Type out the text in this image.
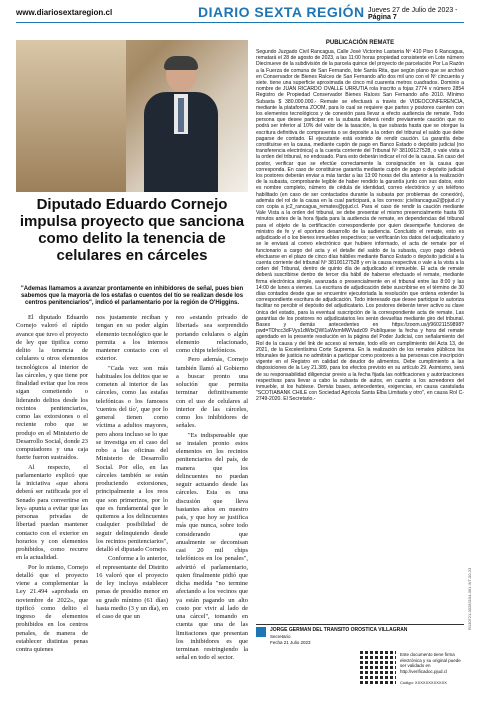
www.diariosextaregion.cl	DIARIO SEXTA REGIÓN Jueves 27 de Julio de 2023 - Página 7
Diputado Eduardo Cornejo impulsa proyecto que sanciona como delito la tenencia de celulares en cárceles
"Ademas llamamos a avanzar prontamente en inhibidores de señal, pues bien sabemos que la mayoría de los estafas o cuentos del tío se realizan desde los centros penitenciarios", indicó el parlamentario por la región de O'Higgins.

El diputado Eduardo Cornejo valoró el rápido avance que tuvo el proyecto de ley que tipifica como delito la tenencia de celulares u otros elementos tecnológicos al interior de las cárceles, y que tiene por finalidad evitar que los reos sigan cometiendo o liderando delitos desde los recintos penitenciarios, como las extorsiones o el reciente robo que se produjo en el Ministerio de Desarrollo Social, donde 23 computadores y una caja fuerte fueron sustraídos.

Al respecto, el parlamentario explicó que la iniciativa «que ahora deberá ser ratificada por el Senado para convertirse en ley» apunta a evitar que las personas privadas de libertad puedan mantener contacto con el exterior en horarios y con elementos prohibidos, como recurre en la actualidad.

Por lo mismo, Cornejo detalló que el proyecto viene a complementar la Ley 21.494 «aprobada en noviembre de 2022», que tipificó como delito el ingreso de elementos prohibidos en los centros penales, de manera de establecer distintas penas contra quienes

nos justamente reciban y tengan en su poder algún elemento tecnológico que le permita a los internos mantener contacto con el exterior.

"Cada vez son más habituales los delitos que se cometen al interior de las cárceles, como las estafas telefónicas o los famosos 'cuentos del tío', que por lo general tienen como víctima a adultos mayores, pero ahora incluso se lo que se investiga en el caso del robo a las oficinas del Ministerio de Desarrollo Social. Por ello, en las cárceles también se están produciendo extorsiones, principalmente a los reos que son primerizos, por lo que es fundamental que le quitemos a los delincuentes cualquier posibilidad de seguir delinquiendo desde los recintos penitenciarios", detalló el diputado Cornejo.

Conforme a lo anterior, el representante del Distrito 16 valoró que el proyecto de ley incluya establecer penas de presidio menor en su grado mínimo (61 días) hasta medio (3 y un día), en el caso de que un

reo «estando privado de libertad» sea sorprendido portando celulares o algún elemento relacionado, como chips telefónicos.

Pero además, Cornejo también llamó al Gobierno a buscar pronto una solución que permita terminar definitivamente con el uso de celulares al interior de las cárceles, como los inhibidores de señales.

"Es indispensable que se instalen pronto estos elementos en los recintos penitenciarios del país, de manera que los delincuentes no puedan seguir actuando desde las cárceles. Esta es una discusión que lleva bastantes años en nuestro país, y que hoy se justifica más que nunca, sobre todo considerando que anualmente se decomisan casi 20 mil chips telefónicos en los penales", advirtió el parlamentario, quien finalmente pidió que dicha medida "no termine afectando a los vecinos que ya están pagando un alto costo por vivir al lado de una cárcel", tomando en cuenta que una de las limitaciones que presentan los inhibidores es que terminan restringiendo la señal en todo el sector.

PUBLICACIÓN REMATE

Segundo Juzgado Civil Rancagua, Calle José Victorino Lastarria Nº 410 Piso 6 Rancagua, rematará el 28 de agosto de 2023, a las 11:00 horas propiedad consistente en Lote número Diecinueve de la subdivisión de la parcela quince del proyecto de parcelación Por La Razón a la Fuerza de comuna de San Fernando, lote Santa Rita, que según plano que se archivó en Conservador de Bienes Raíces de San Fernando año dos mil uno con el Nº cincuenta y siete. tiene una superficie aproximada de cinco mil cuarenta metros cuadrados. Dominio a nombre de JUAN RICARDO OVALLE URRUTIA rola inscrito a fojas 2774 v número 2854 Registro de Propiedad Conservador Bienes Raíces San Fernando año 2010. Mínimo Subasta $ 380.000.000.- Remate se efectuará a través de VIDEOCONFERENCIA, mediante la plataforma ZOOM, para lo cual se requiere que partes y postores cuenten con los elementos tecnológicos y de conexión para llevar a efecto audiencia de remate. Todo persona que desee participar en la subasta deberá rendir previamente caución que no podrá ser inferior al 10% del valor de la tasación, la que subasta hasta que se otorgue la escritura definitiva de compraventa o se deposite a la orden del tribunal el saldo que debe pagarse de contado. El ejecutante está eximido de rendir caución. La garantía debe constituirse en la causa, mediante cupón de pago en Banco Estado o depósito judicial (no transferencia electrónica) a la cuenta corriente del Tribunal Nº 38100127528, o vale vista a la orden del tribunal, no endosado. Para esto deberán indicar el rol de la causa. En caso del postor, verificar que se efectúe correctamente la consignación en la causa que corresponda. En caso de constituirse garantía mediante cupón de pago o depósito judicial los postores deberán enviar a más tardar a las 13:00 horas del día anterior a la realización de la subasta, comprobante legible de haber rendido la garantía junto con sus datos, esto es nombre completo, número de cédula de identidad, correo electrónico y un teléfono habilitado (en caso de ser contactados durante la subasta por problemas de conexión), además del rol de la causa en la cual participará, a los correos: jcivilrancagua2@pjud.cl y con copia a jc2_rancagua_remates@pjud.cl. Para el caso de rendir la caución mediante Vale Vista a la orden del tribunal, se debe presentar el mismo presencialmente hasta 90 minutos antes de la hora fijada para la audiencia de remate, en dependencias del tribunal para el objeto de la certificación correspondiente por quien desempeñe funciones de ministro de fe y el oportuno desarrollo de la audiencia. Concluido el remate, esto es adjudicado el o los bienes inmuebles respectivos; se verificarán los datos del adjudicatario y se le enviará al correo electrónico que hubiere informado, el acta de remate por el funcionario a cargo del acta y el detalle del saldo de la subasta, cuyo pago deberá efectuarse en el plazo de cinco días hábiles mediante Banco Estado o depósito judicial a la cuenta corriente del tribunal Nº 38100127528 y en la causa respectiva o vale a la vista a la orden del Tribunal, dentro de quinto día de adjudicado el inmueble. El acta de remate deberá suscribirse dentro de tercer día hábil de haberse efectuado el remate, mediante firma electrónica simple, avanzada o presencialmente en el tribunal entre las 8:00 y las 14:00 de lunes a viernes. La escritura de adjudicación debe suscribirse en el término de 30 días contados desde que se encuentre ejecutoriada la resolución que ordena extender la correspondiente escritura de adjudicación. Todo interesado que desee participar lo autoriza facilitar no percibir el depósito del adjudicatario. Los postores deberán tener activo su clave única del estado, para la eventual suscripción de la correspondiente acta de remate. Las garantías de los postores no adjudicatarios les serán devueltas mediante giro del tribunal. Bases y demás antecedentes en https://zoom.us/j/96021159898?pwd=TDhcc3dFVys1dWtxQWl1aWxmMWVadz09 Publíquese la fecha y hora del remate agendado en la presente resolución en la página del Poder Judicial, con señalamiento del Rol de la causa y del link de acceso al remate, todo ello en cumplimiento del Acta 13, de 2021, de la Excelentísima Corte Suprema. En la realización de los remates públicos los tribunales de justicia no admitirán a participar como postores a las personas con inscripción vigente en el Registro en calidad de deudor de alimentos. Debe cumplimiento a las disposiciones de la Ley 21.389, para los efectos previsto en su artículo 29. Asimismo, será de su responsabilidad diligenciar previo a la fecha fijada las notificaciones y autorizaciones respectivas para llevar a cabo la subasta de autos, en cuanto a los acreedores del inmueble, si los hubiese. Demás bases, antecedentes, exigencias, en causa caratulada "SCOTIABANK CHILE con Sociedad Agrícola Santa Elba Limitada y otro", en causa Rol C-2749-2020. El Secretario.-

JORGE GERMAN DEL TRANSITO OROSTICA VILLAGRAN
Secretario
Fecha 21 Julio 2023
Este documento tiene firma electrónica y su original puede ser validado en http://verificadoc.pjud.cl
Código: XXXXXXXXXXXX
R130721-00283104-001 INT-00-23
